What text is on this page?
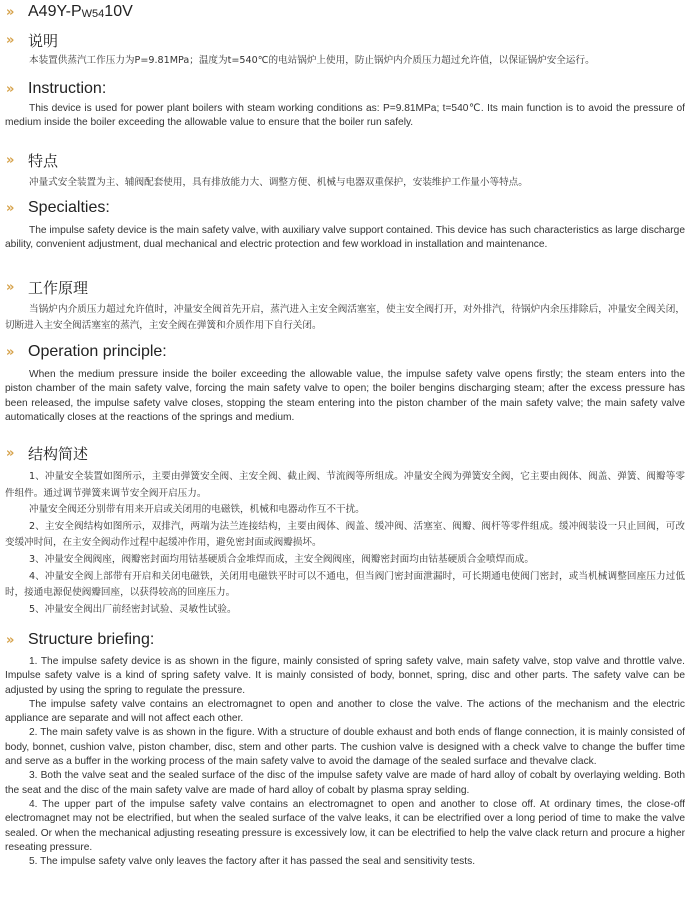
» $A49Y-P_{W54}10V$
»	说明

本装置供蒸汽工作压力为P=9.81MPa；温度为t=540℃的电站锅炉上使用，防止锅炉内介质压力超过允许值，以保证锅炉安全运行。

» Instruction:

This device is used for power plant boilers with steam working conditions as: P=9.81MPa; t=540℃. Its main function is to avoid the pressure of medium inside the boiler exceeding the allowable value to ensure that the boiler run safely.

»	特点

冲量式安全装置为主、辅阀配套使用，具有排放能力大、调整方便、机械与电器双重保护，安装维护工作量小等特点。

» Specialties:

The impulse safety device is the main safety valve, with auxiliary valve support contained. This device has such characteristics as large discharge ability, convenient adjustment, dual mechanical and electric protection and few workload in installation and maintenance.

»	工作原理

当锅炉内介质压力超过允许值时，冲量安全阀首先开启，蒸汽进入主安全阀活塞室，使主安全阀打开，对外排汽，待锅炉内余压排除后，冲量安全阀关闭，切断进入主安全阀活塞室的蒸汽，主安全阀在弹簧和介质作用下自行关闭。

» Operation principle:

When the medium pressure inside the boiler exceeding the allowable value, the impulse safety valve opens firstly; the steam enters into the piston chamber of the main safety valve, forcing the main safety valve to open; the boiler bengins discharging steam; after the excess pressure has been released, the impulse safety valve closes, stopping the steam entering into the piston chamber of the main safety valve; the main safety valve automatically closes at the reactions of the springs and medium.

»	结构简述
1、冲量安全装置如图所示，主要由弹簧安全阀、主安全阀、截止阀、节流阀等所组成。冲量安全阀为弹簧安全阀，它主要由阀体、阀盖、弹簧、阀瓣等零件组件。通过调节弹簧来调节安全阀开启压力。
冲量安全阀还分别带有用来开启或关闭用的电磁铁，机械和电器动作互不干扰。
2、主安全阀结构如图所示，双排汽，两端为法兰连接结构，主要由阀体、阀盖、缓冲阀、活塞室、阀瓣、阀杆等零件组成。缓冲阀装设一只止回阀，可改变缓冲时间，在主安全阀动作过程中起缓冲作用，避免密封面或阀瓣损坏。
3、冲量安全阀阀座，阀瓣密封面均用钴基硬质合金堆焊而成，主安全阀阀座，阀瓣密封面均由钴基硬质合金喷焊而成。
4、冲量安全阀上部带有开启和关闭电磁铁，关闭用电磁铁平时可以不通电，但当阀门密封面泄漏时，可长期通电使阀门密封，或当机械调整回座压力过低时，接通电源促使阀瓣回座，以获得较高的回座压力。
5、冲量安全阀出厂前经密封试验、灵敏性试验。
» Structure briefing:
1. The impulse safety device is as shown in the figure, mainly consisted of spring safety valve, main safety valve, stop valve and throttle valve. Impulse safety valve is a kind of spring safety valve. It is mainly consisted of body, bonnet, spring, disc and other parts. The safety valve can be adjusted by using the spring to regulate the pressure.
The impulse safety valve contains an electromagnet to open and another to close the valve. The actions of the mechanism and the electric appliance are separate and will not affect each other.
2. The main safety valve is as shown in the figure. With a structure of double exhaust and both ends of flange connection, it is mainly consisted of body, bonnet, cushion valve, piston chamber, disc, stem and other parts. The cushion valve is designed with a check valve to change the buffer time and serve as a buffer in the working process of the main safety valve to avoid the damage of the sealed surface and thevalve clack.
3. Both the valve seat and the sealed surface of the disc of the impulse safety valve are made of hard alloy of cobalt by overlaying welding. Both the seat and the disc of the main safety valve are made of hard alloy of cobalt by plasma spray selding.
4. The upper part of the impulse safety valve contains an electromagnet to open and another to close off. At ordinary times, the close-off electromagnet may not be electrified, but when the sealed surface of the valve leaks, it can be electrified over a long period of time to make the valve sealed. Or when the mechanical adjusting reseating pressure is excessively low, it can be electrified to help the valve clack return and procure a higher reseating pressure.
5. The impulse safety valve only leaves the factory after it has passed the seal and sensitivity tests.
